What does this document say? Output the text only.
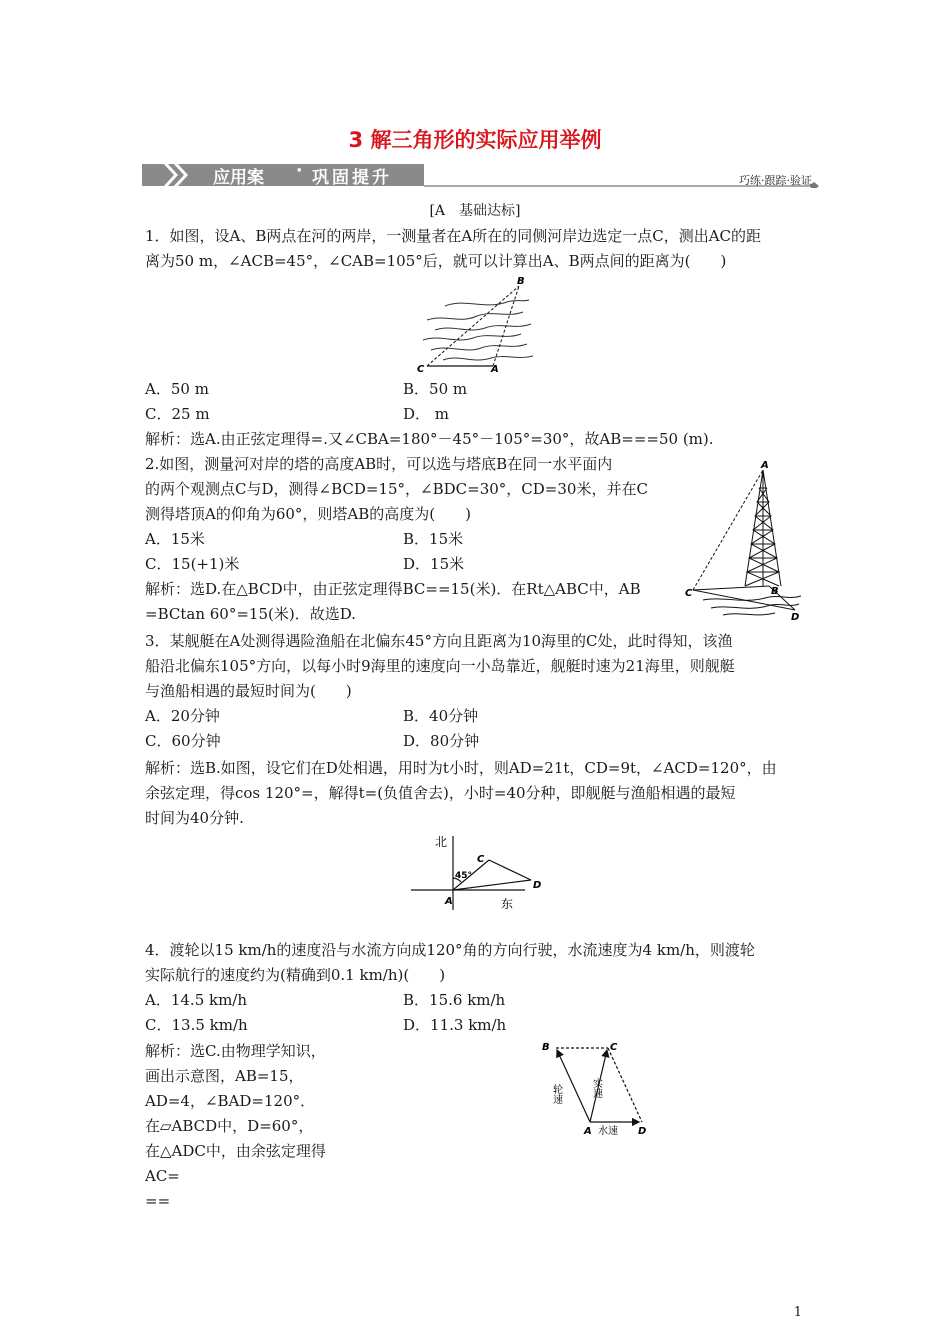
3 解三角形的实际应用举例
应用案 · 巩固提升	巧练·跟踪·验证
[A　基础达标]
1．如图，设A、B两点在河的两岸，一测量者在A所在的同侧河岸边选定一点C，测出AC的距
离为50 m，∠ACB=45°，∠CAB=105°后，就可以计算出A、B两点间的距离为(　　)
B
C	A
A．50 m	B．50 m
C．25 m	D． m
解析：选A.由正弦定理得=.又∠CBA=180°－45°－105°=30°，故AB===50 (m).
2.如图，测量河对岸的塔的高度AB时，可以选与塔底B在同一水平面内
的两个观测点C与D，测得∠BCD=15°，∠BDC=30°，CD=30米，并在C
测得塔顶A的仰角为60°，则塔AB的高度为(　　)
A．15米	B．15米
C．15(+1)米	D．15米
解析：选D.在△BCD中，由正弦定理得BC==15(米)．在Rt△ABC中，AB
=BCtan 60°=15(米)．故选D.
A
B
C
D
3．某舰艇在A处测得遇险渔船在北偏东45°方向且距离为10海里的C处，此时得知，该渔
船沿北偏东105°方向，以每小时9海里的速度向一小岛靠近，舰艇时速为21海里，则舰艇
与渔船相遇的最短时间为(　　)
A．20分钟	B．40分钟
C．60分钟	D．80分钟
解析：选B.如图，设它们在D处相遇，用时为t小时，则AD=21t，CD=9t，∠ACD=120°，由
余弦定理，得cos 120°=，解得t=(负值舍去)，小时=40分种，即舰艇与渔船相遇的最短
时间为40分钟.
北
东
C
D
A
45°
4．渡轮以15 km/h的速度沿与水流方向成120°角的方向行驶，水流速度为4 km/h，则渡轮
实际航行的速度约为(精确到0.1 km/h)(　　)
A．14.5 km/h	B．15.6 km/h
C．13.5 km/h	D．11.3 km/h
解析：选C.由物理学知识，
画出示意图，AB=15，
AD=4，∠BAD=120°．
在▱ABCD中，D=60°，
在△ADC中，由余弦定理得
AC=
==
B	C
A	D
轮速	实速
水速
1
